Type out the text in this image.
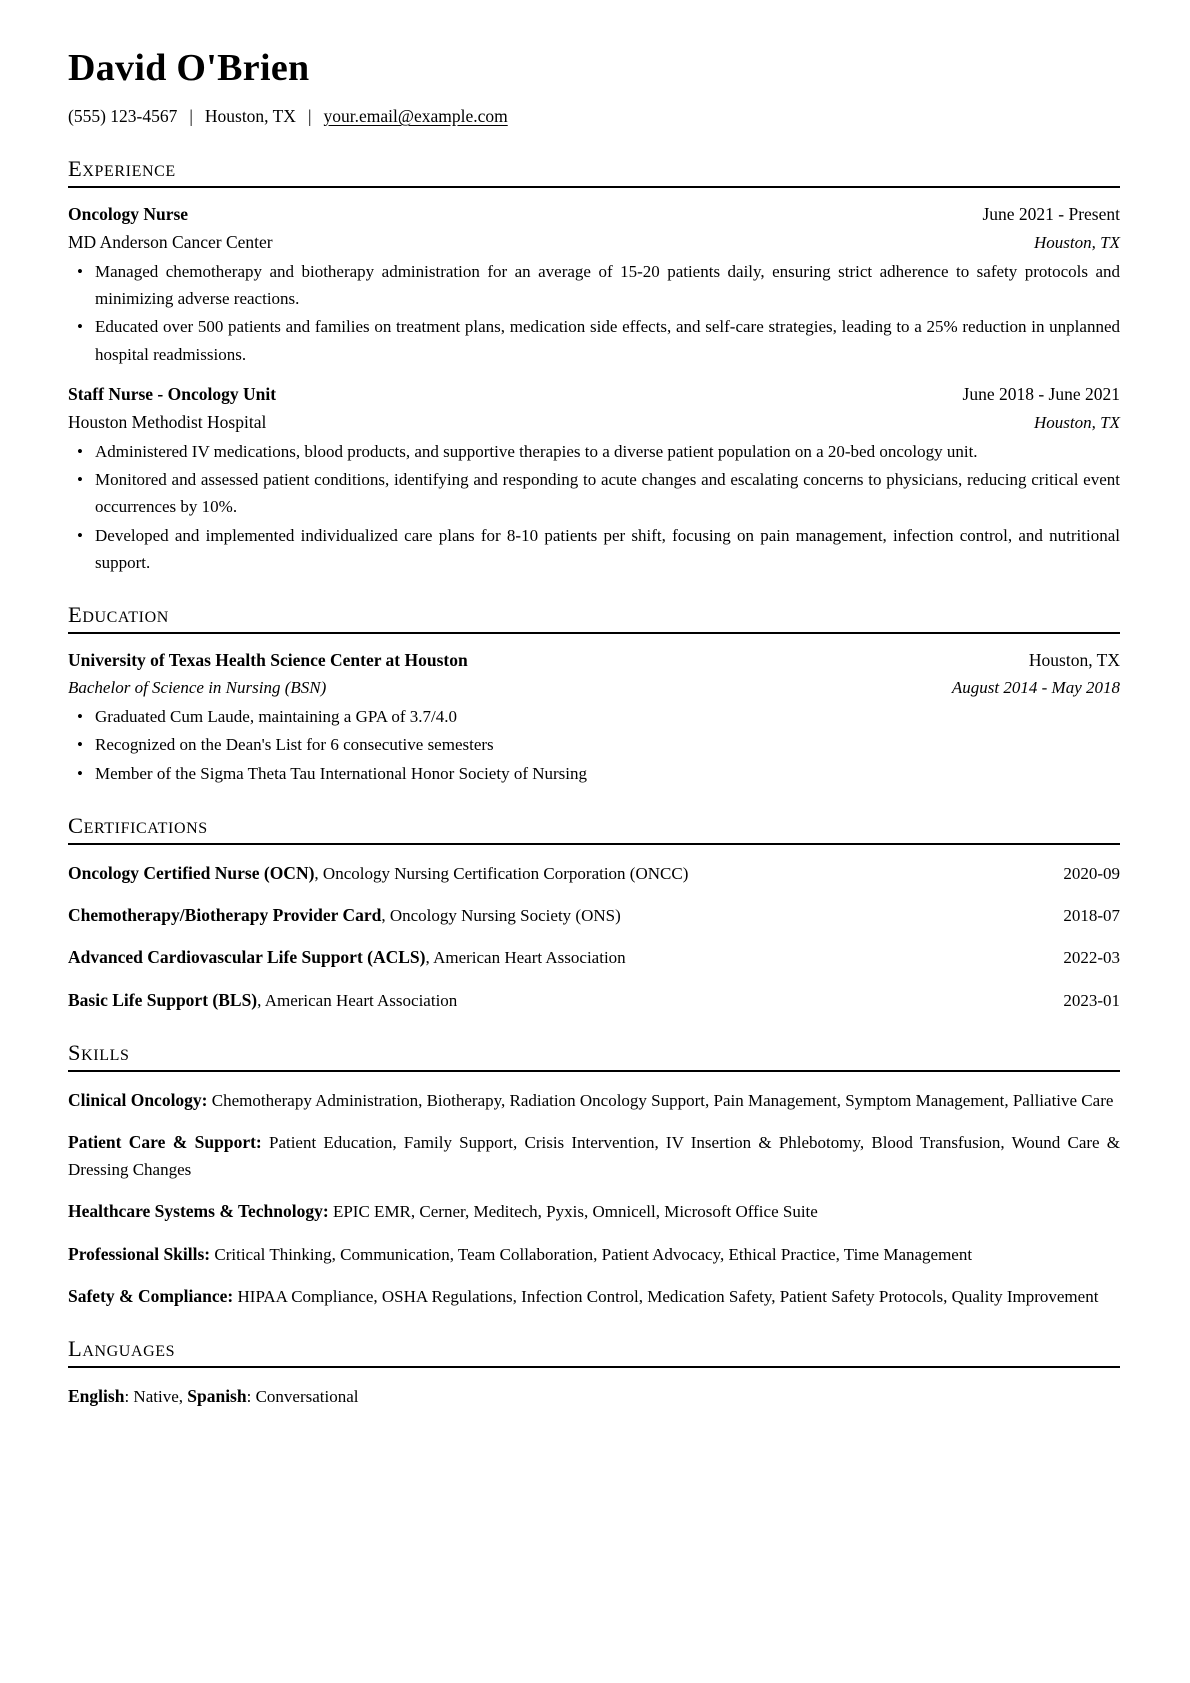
David O'Brien
(555) 123-4567 | Houston, TX | your.email@example.com
Experience
Oncology Nurse	June 2021 - Present
MD Anderson Cancer Center	Houston, TX
• Managed chemotherapy and biotherapy administration for an average of 15-20 patients daily, ensuring strict adherence to safety protocols and minimizing adverse reactions.
• Educated over 500 patients and families on treatment plans, medication side effects, and self-care strategies, leading to a 25% reduction in unplanned hospital readmissions.
Staff Nurse - Oncology Unit	June 2018 - June 2021
Houston Methodist Hospital	Houston, TX
• Administered IV medications, blood products, and supportive therapies to a diverse patient population on a 20-bed oncology unit.
• Monitored and assessed patient conditions, identifying and responding to acute changes and escalating concerns to physicians, reducing critical event occurrences by 10%.
• Developed and implemented individualized care plans for 8-10 patients per shift, focusing on pain management, infection control, and nutritional support.
Education
University of Texas Health Science Center at Houston	Houston, TX
Bachelor of Science in Nursing (BSN)	August 2014 - May 2018
• Graduated Cum Laude, maintaining a GPA of 3.7/4.0
• Recognized on the Dean's List for 6 consecutive semesters
• Member of the Sigma Theta Tau International Honor Society of Nursing
Certifications
Oncology Certified Nurse (OCN), Oncology Nursing Certification Corporation (ONCC)	2020-09
Chemotherapy/Biotherapy Provider Card, Oncology Nursing Society (ONS)	2018-07
Advanced Cardiovascular Life Support (ACLS), American Heart Association	2022-03
Basic Life Support (BLS), American Heart Association	2023-01
Skills

Clinical Oncology: Chemotherapy Administration, Biotherapy, Radiation Oncology Support, Pain Management, Symptom Management, Palliative Care

Patient Care & Support: Patient Education, Family Support, Crisis Intervention, IV Insertion & Phlebotomy, Blood Transfusion, Wound Care & Dressing Changes

Healthcare Systems & Technology: EPIC EMR, Cerner, Meditech, Pyxis, Omnicell, Microsoft Office Suite

Professional Skills: Critical Thinking, Communication, Team Collaboration, Patient Advocacy, Ethical Practice, Time Management

Safety & Compliance: HIPAA Compliance, OSHA Regulations, Infection Control, Medication Safety, Patient Safety Protocols, Quality Improvement

Languages

English: Native, Spanish: Conversational
